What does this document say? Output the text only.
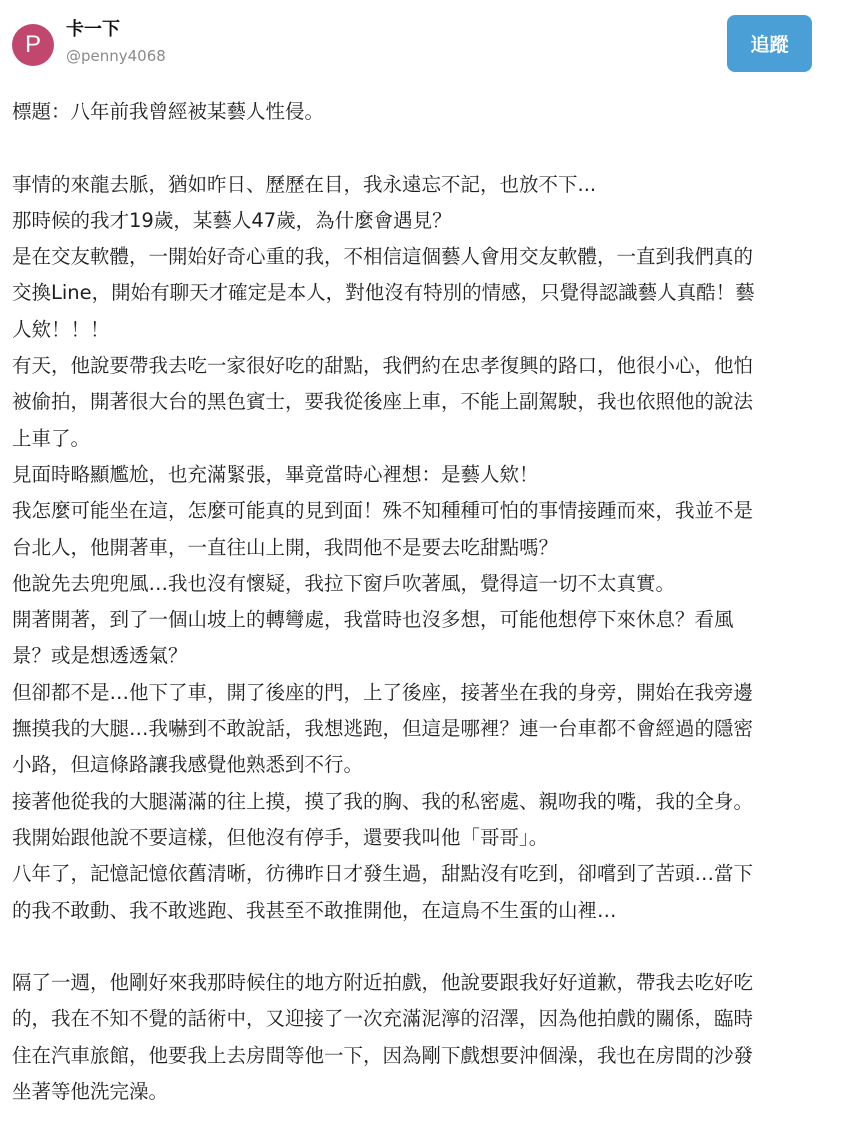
P
卡一下
@penny4068	追蹤
標題：八年前我曾經被某藝人性侵。
事情的來龍去脈，猶如昨日、歷歷在目，我永遠忘不記，也放不下...
那時候的我才19歲，某藝人47歲，為什麼會遇見？
是在交友軟體，一開始好奇心重的我，不相信這個藝人會用交友軟體，一直到我們真的
交換Line，開始有聊天才確定是本人，對他沒有特別的情感，只覺得認識藝人真酷！藝
人欸！！！
有天，他說要帶我去吃一家很好吃的甜點，我們約在忠孝復興的路口，他很小心，他怕
被偷拍，開著很大台的黑色賓士，要我從後座上車，不能上副駕駛，我也依照他的說法
上車了。
見面時略顯尷尬，也充滿緊張，畢竟當時心裡想：是藝人欸！
我怎麼可能坐在這，怎麼可能真的見到面！殊不知種種可怕的事情接踵而來，我並不是
台北人，他開著車，一直往山上開，我問他不是要去吃甜點嗎？
他說先去兜兜風…我也沒有懷疑，我拉下窗戶吹著風，覺得這一切不太真實。
開著開著，到了一個山坡上的轉彎處，我當時也沒多想，可能他想停下來休息？看風
景？或是想透透氣？
但卻都不是…他下了車，開了後座的門，上了後座，接著坐在我的身旁，開始在我旁邊
撫摸我的大腿…我嚇到不敢說話，我想逃跑，但這是哪裡？連一台車都不會經過的隱密
小路，但這條路讓我感覺他熟悉到不行。
接著他從我的大腿滿滿的往上摸，摸了我的胸、我的私密處、親吻我的嘴，我的全身。
我開始跟他說不要這樣，但他沒有停手，還要我叫他「哥哥」。
八年了，記憶記憶依舊清晰，彷彿昨日才發生過，甜點沒有吃到，卻嚐到了苦頭…當下
的我不敢動、我不敢逃跑、我甚至不敢推開他，在這鳥不生蛋的山裡…
隔了一週，他剛好來我那時候住的地方附近拍戲，他說要跟我好好道歉，帶我去吃好吃
的，我在不知不覺的話術中，又迎接了一次充滿泥濘的沼澤，因為他拍戲的關係，臨時
住在汽車旅館，他要我上去房間等他一下，因為剛下戲想要沖個澡，我也在房間的沙發
坐著等他洗完澡。
